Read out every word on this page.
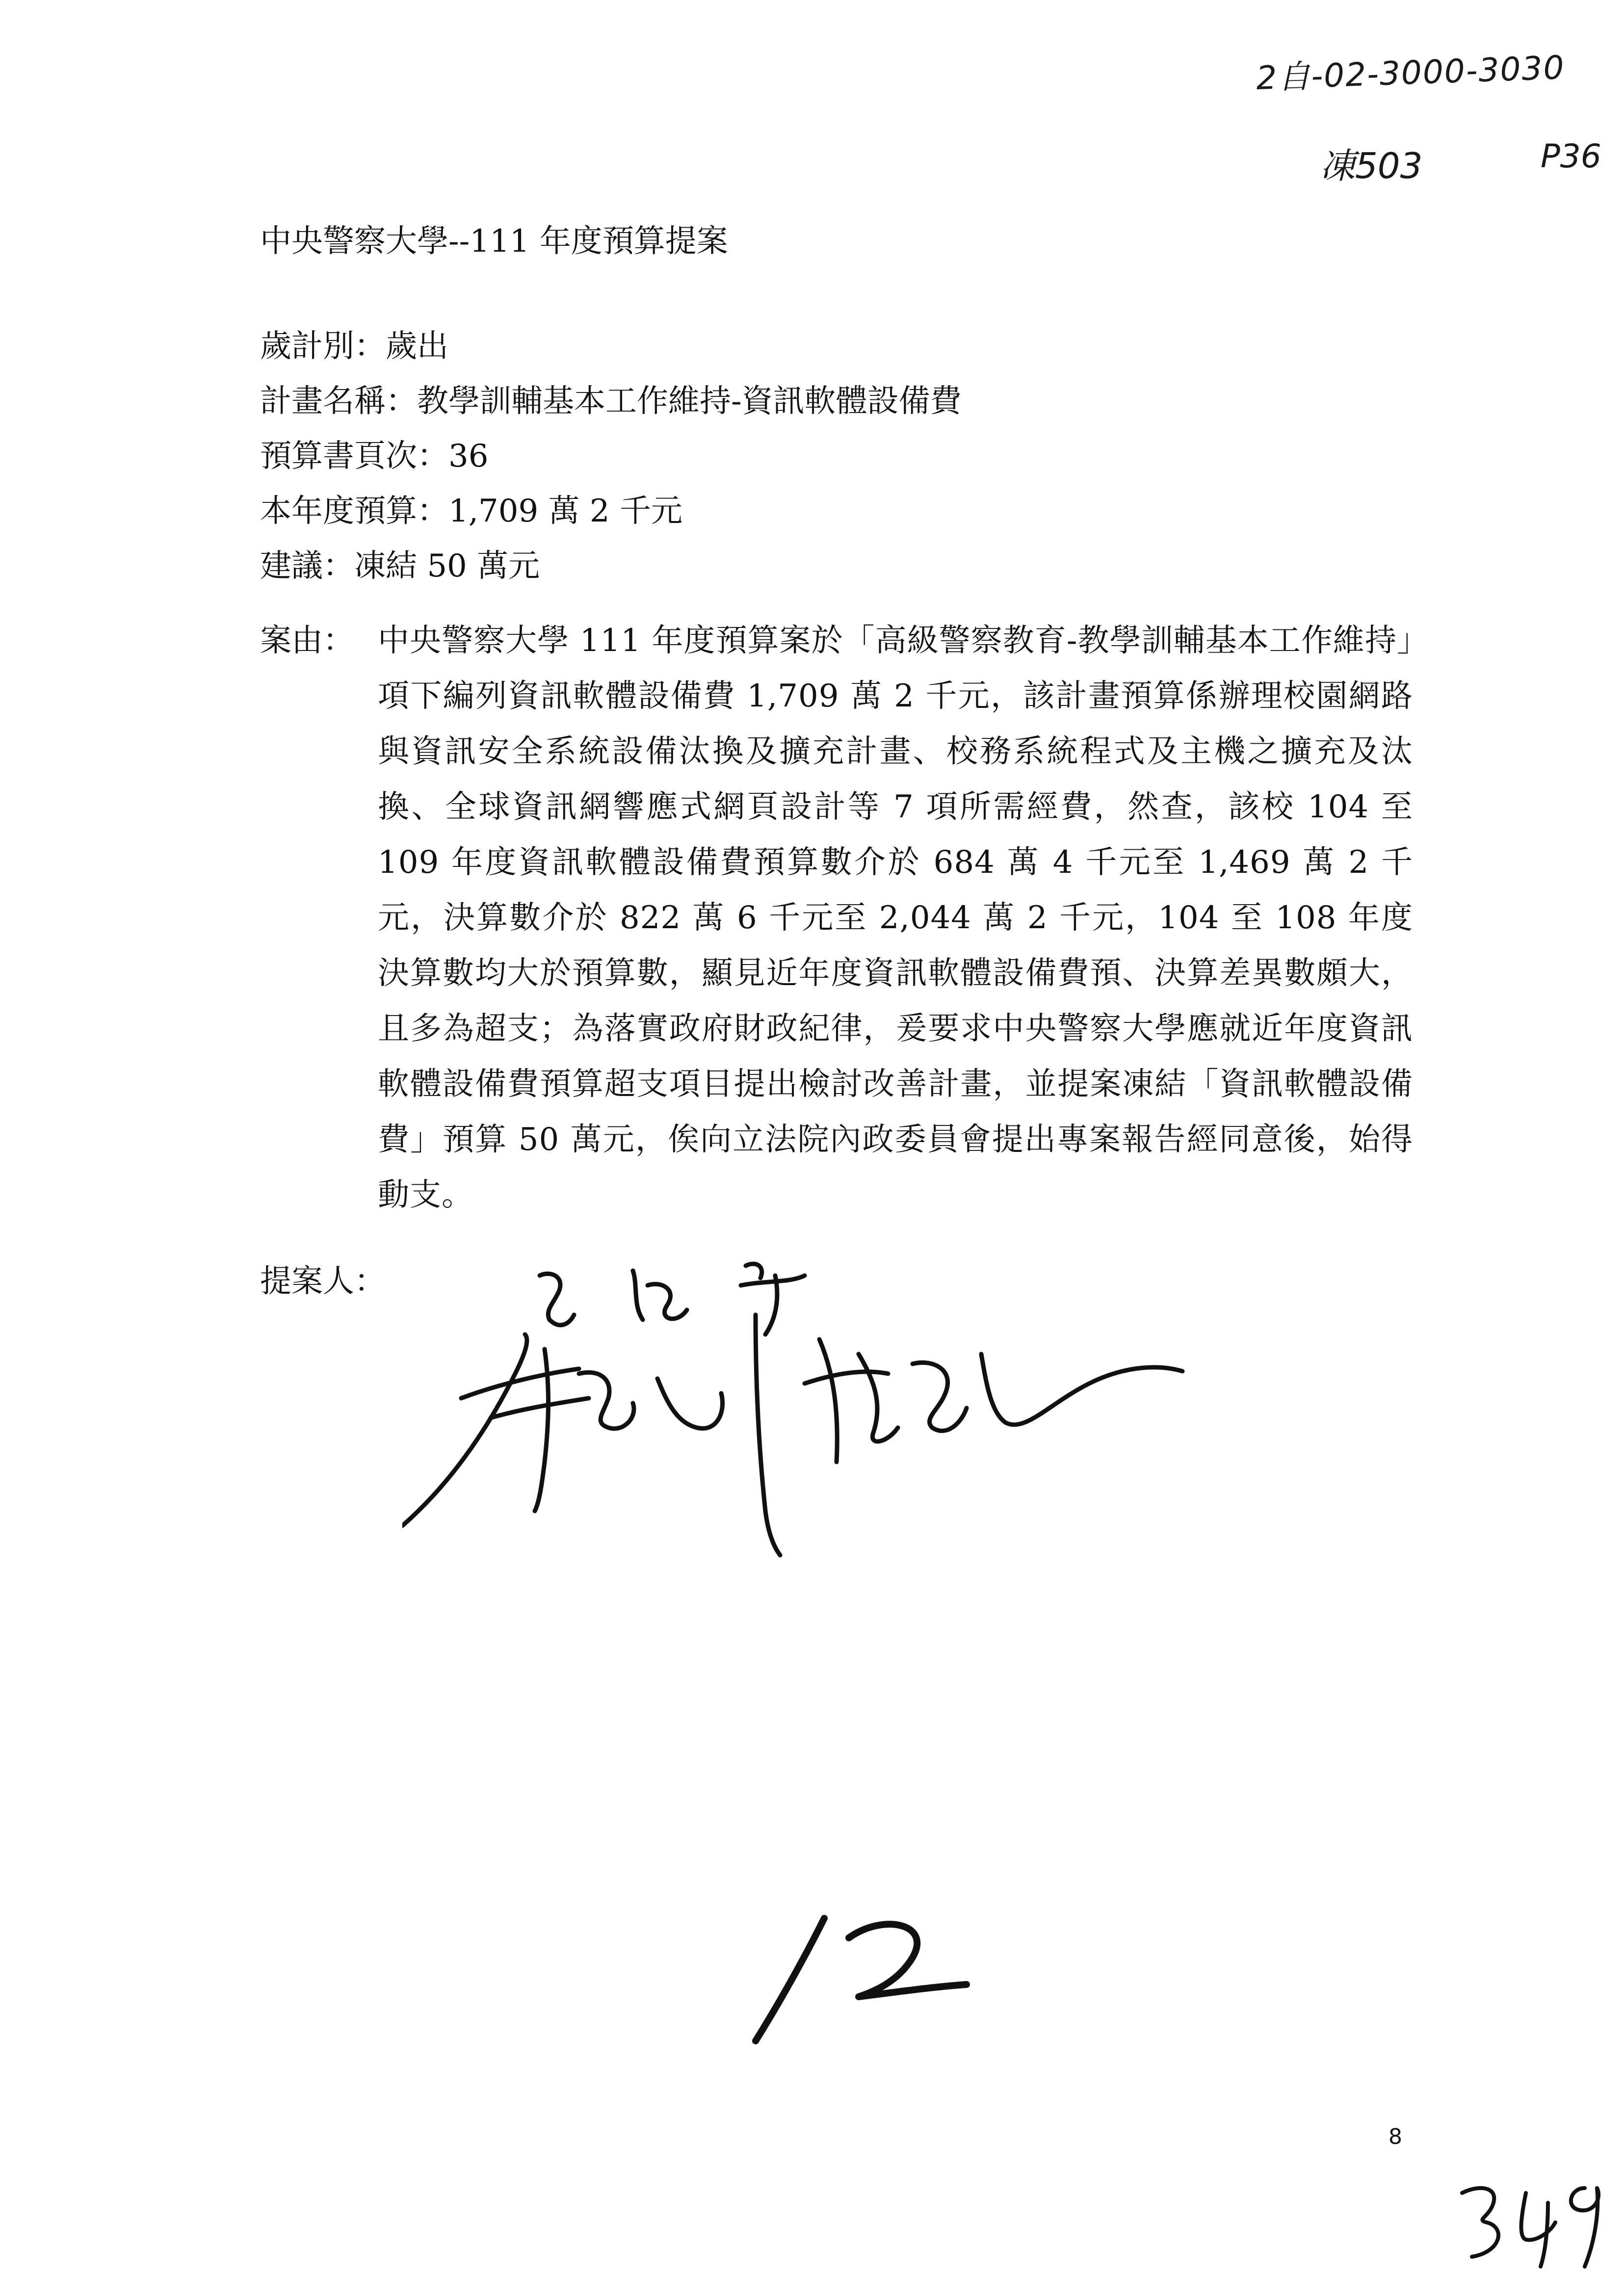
2自-02-3000-3030
凍503	P36
中央警察大學--111 年度預算提案
歲計別：歲出
計畫名稱：教學訓輔基本工作維持-資訊軟體設備費
預算書頁次：36
本年度預算：1,709 萬 2 千元
建議：凍結 50 萬元
案由： 中央警察大學 111 年度預算案於「高級警察教育-教學訓輔基本工作維持」項下編列資訊軟體設備費 1,709 萬 2 千元，該計畫預算係辦理校園網路與資訊安全系統設備汰換及擴充計畫、校務系統程式及主機之擴充及汰換、全球資訊網響應式網頁設計等 7 項所需經費，然查，該校 104 至 109 年度資訊軟體設備費預算數介於 684 萬 4 千元至 1,469 萬 2 千元，決算數介於 822 萬 6 千元至 2,044 萬 2 千元，104 至 108 年度決算數均大於預算數，顯見近年度資訊軟體設備費預、決算差異數頗大，且多為超支；為落實政府財政紀律，爰要求中央警察大學應就近年度資訊軟體設備費預算超支項目提出檢討改善計畫，並提案凍結「資訊軟體設備費」預算 50 萬元，俟向立法院內政委員會提出專案報告經同意後，始得動支。
提案人：
8
